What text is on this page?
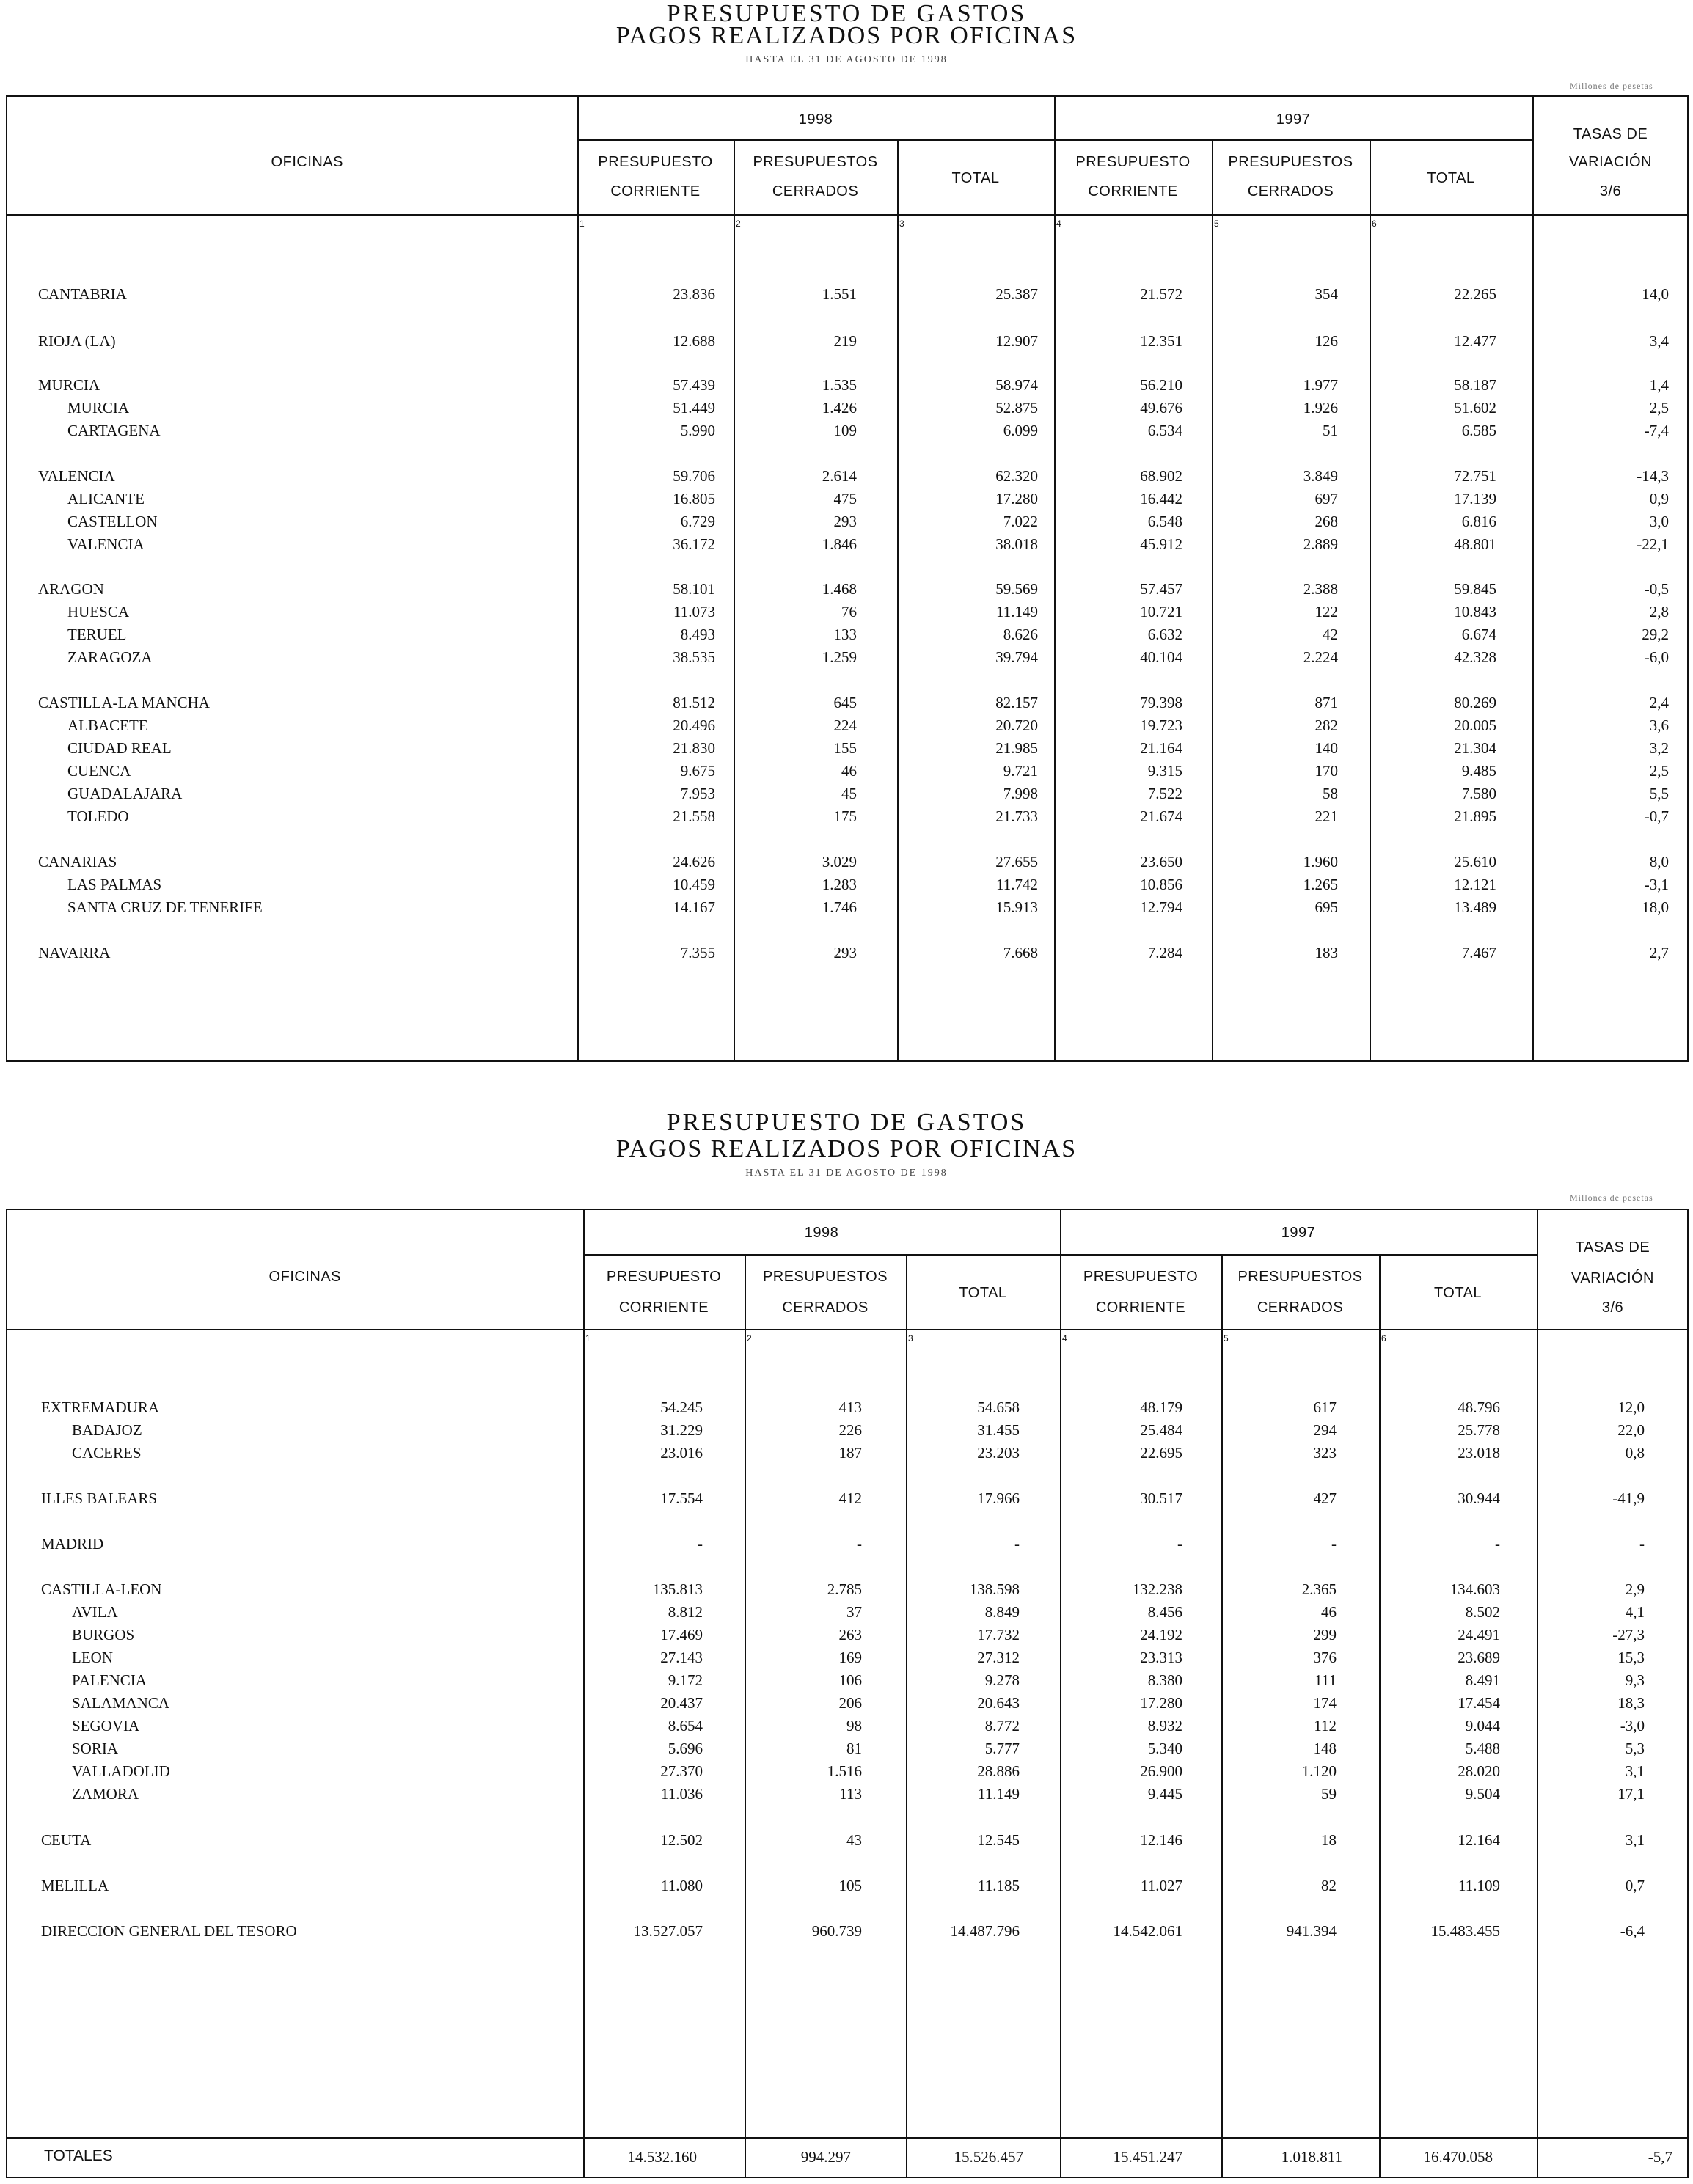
PRESUPUESTO DE GASTOS
PAGOS REALIZADOS POR OFICINAS
HASTA EL 31 DE AGOSTO DE 1998
Millones de pesetas
OFICINAS
1998	1997
PRESUPUESTO
CORRIENTE
PRESUPUESTOS
CERRADOS
TOTAL
PRESUPUESTO
CORRIENTE
PRESUPUESTOS
CERRADOS
TOTAL
TASAS DE
VARIACIÓN
3/6
1	2	3	4	5	6
CANTABRIA	23.836	1.551	25.387	21.572	354	22.265	14,0
RIOJA (LA)	12.688	219	12.907	12.351	126	12.477	3,4
MURCIA	57.439	1.535	58.974	56.210	1.977	58.187	1,4
MURCIA	51.449	1.426	52.875	49.676	1.926	51.602	2,5
CARTAGENA	5.990	109	6.099	6.534	51	6.585	-7,4
VALENCIA	59.706	2.614	62.320	68.902	3.849	72.751	-14,3
ALICANTE	16.805	475	17.280	16.442	697	17.139	0,9
CASTELLON	6.729	293	7.022	6.548	268	6.816	3,0
VALENCIA	36.172	1.846	38.018	45.912	2.889	48.801	-22,1
ARAGON	58.101	1.468	59.569	57.457	2.388	59.845	-0,5
HUESCA	11.073	76	11.149	10.721	122	10.843	2,8
TERUEL	8.493	133	8.626	6.632	42	6.674	29,2
ZARAGOZA	38.535	1.259	39.794	40.104	2.224	42.328	-6,0
CASTILLA-LA MANCHA	81.512	645	82.157	79.398	871	80.269	2,4
ALBACETE	20.496	224	20.720	19.723	282	20.005	3,6
CIUDAD REAL	21.830	155	21.985	21.164	140	21.304	3,2
CUENCA	9.675	46	9.721	9.315	170	9.485	2,5
GUADALAJARA	7.953	45	7.998	7.522	58	7.580	5,5
TOLEDO	21.558	175	21.733	21.674	221	21.895	-0,7
CANARIAS	24.626	3.029	27.655	23.650	1.960	25.610	8,0
LAS PALMAS	10.459	1.283	11.742	10.856	1.265	12.121	-3,1
SANTA CRUZ DE TENERIFE	14.167	1.746	15.913	12.794	695	13.489	18,0
NAVARRA	7.355	293	7.668	7.284	183	7.467	2,7
PRESUPUESTO DE GASTOS
PAGOS REALIZADOS POR OFICINAS
HASTA EL 31 DE AGOSTO DE 1998
Millones de pesetas
OFICINAS
1998	1997
PRESUPUESTO
CORRIENTE
PRESUPUESTOS
CERRADOS
TOTAL
PRESUPUESTO
CORRIENTE
PRESUPUESTOS
CERRADOS
TOTAL
TASAS DE
VARIACIÓN
3/6
1	2	3	4	5	6
EXTREMADURA	54.245	413	54.658	48.179	617	48.796	12,0
BADAJOZ	31.229	226	31.455	25.484	294	25.778	22,0
CACERES	23.016	187	23.203	22.695	323	23.018	0,8
ILLES BALEARS	17.554	412	17.966	30.517	427	30.944	-41,9
MADRID	-	-	-	-	-	-	-
CASTILLA-LEON	135.813	2.785	138.598	132.238	2.365	134.603	2,9
AVILA	8.812	37	8.849	8.456	46	8.502	4,1
BURGOS	17.469	263	17.732	24.192	299	24.491	-27,3
LEON	27.143	169	27.312	23.313	376	23.689	15,3
PALENCIA	9.172	106	9.278	8.380	111	8.491	9,3
SALAMANCA	20.437	206	20.643	17.280	174	17.454	18,3
SEGOVIA	8.654	98	8.772	8.932	112	9.044	-3,0
SORIA	5.696	81	5.777	5.340	148	5.488	5,3
VALLADOLID	27.370	1.516	28.886	26.900	1.120	28.020	3,1
ZAMORA	11.036	113	11.149	9.445	59	9.504	17,1
CEUTA	12.502	43	12.545	12.146	18	12.164	3,1
MELILLA	11.080	105	11.185	11.027	82	11.109	0,7
DIRECCION GENERAL DEL TESORO	13.527.057	960.739	14.487.796	14.542.061	941.394	15.483.455	-6,4
TOTALES	14.532.160	994.297	15.526.457	15.451.247	1.018.811	16.470.058	-5,7
